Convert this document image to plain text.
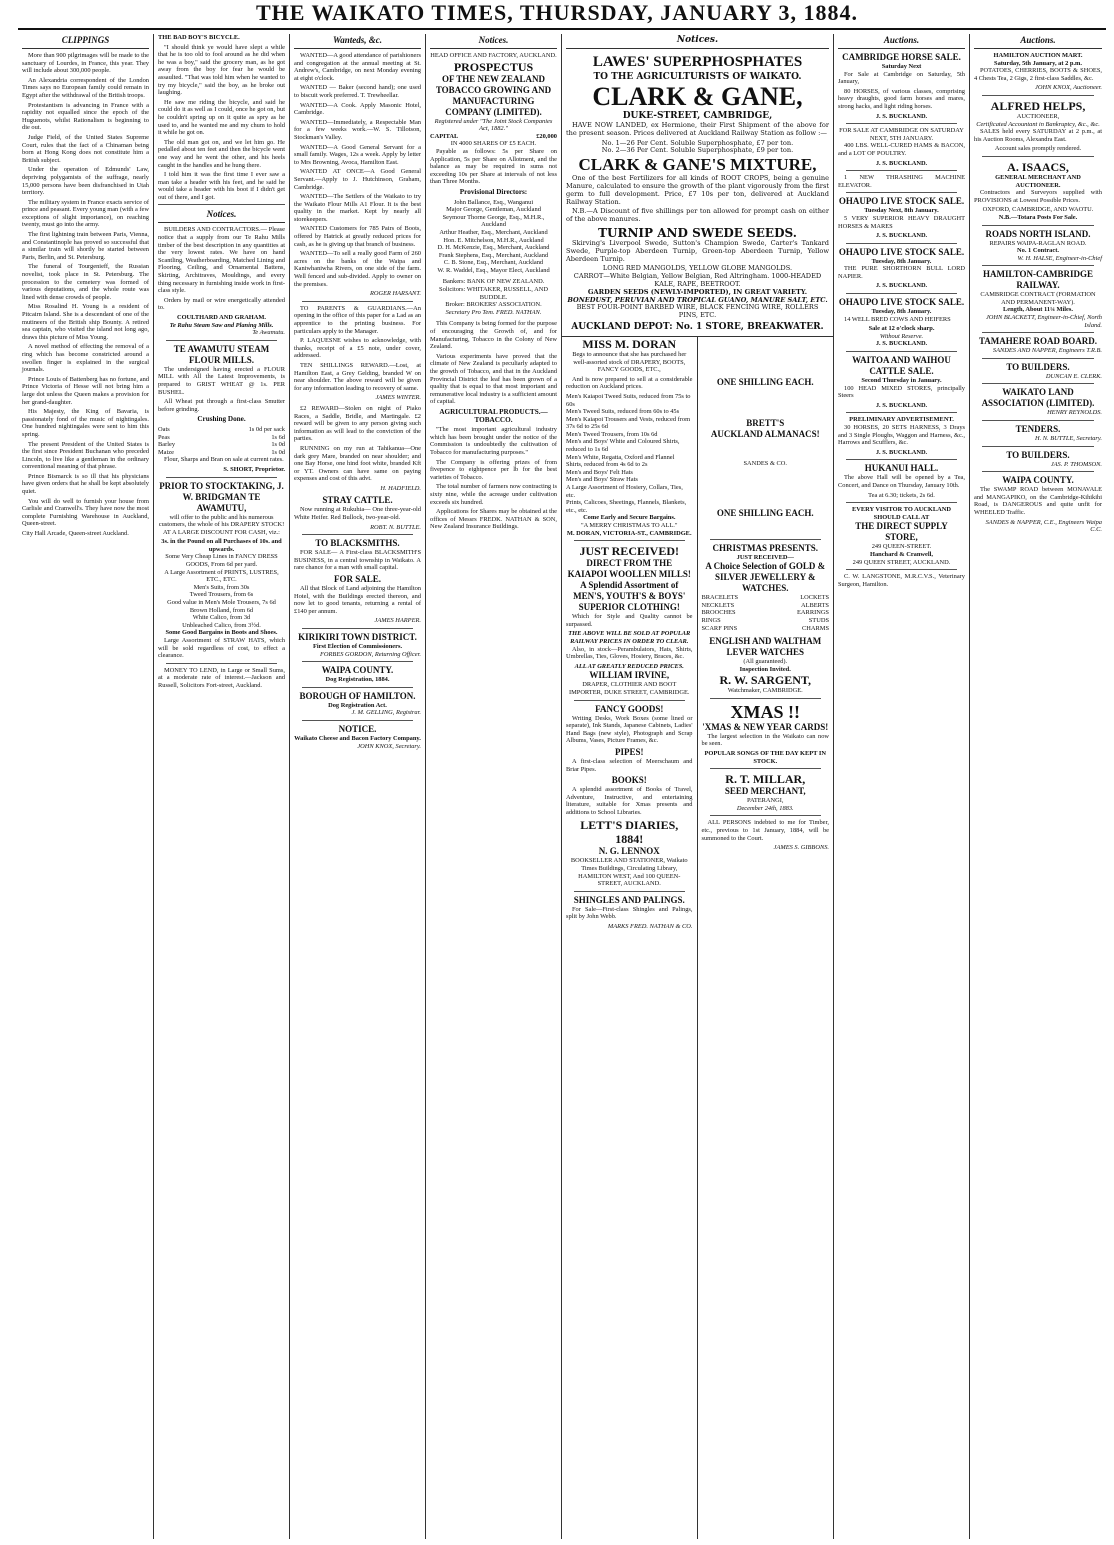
THE WAIKATO TIMES, THURSDAY, JANUARY 3, 1884.
CLIPPINGS

More than 900 pilgrimages will be made to the sanctuary of Lourdes, in France, this year. They will include about 300,000 people.

An Alexandria correspondent of the London Times says no European family could remain in Egypt after the withdrawal of the British troops.

Protestantism is advancing in France with a rapidity not equalled since the epoch of the Huguenots, whilst Rationalism is beginning to die out.

Judge Field, of the United States Supreme Court, rules that the fact of a Chinaman being born at Hong Kong does not constitute him a British subject.

Under the operation of Edmunds' Law, depriving polygamists of the suffrage, nearly 15,000 persons have been disfranchised in Utah territory.

The military system in France exacts service of prince and peasant. Every young man (with a few exceptions of slight importance), on reaching twenty, must go into the army.

The first lightning train between Paris, Vienna, and Constantinople has proved so successful that a similar train will shortly be started between Paris, Berlin, and St. Petersburg.

The funeral of Tourgenieff, the Russian novelist, took place in St. Petersburg. The procession to the cemetery was formed of various deputations, and the whole route was lined with dense crowds of people.

Miss Rosalind H. Young is a resident of Pitcairn Island. She is a descendant of one of the mutineers of the British ship Bounty. A retired sea captain, who visited the island not long ago, draws this picture of Miss Young.

A novel method of effecting the removal of a ring which has become constricted around a swollen finger is explained in the surgical journals.

Prince Louis of Battenberg has no fortune, and Prince Victoria of Hesse will not bring him a large dot unless the Queen makes a provision for her grand-daughter.

His Majesty, the King of Bavaria, is passionately fond of the music of nightingales. One hundred nightingales were sent to him this spring.

The present President of the United States is the first since President Buchanan who preceded Lincoln, to live like a gentleman in the ordinary conventional meaning of that phrase.

Prince Bismarck is so ill that his physicians have given orders that he shall be kept absolutely quiet.

You will do well to furnish your house from Carlisle and Cranwell's. They have now the most complete Furnishing Warehouse in Auckland, Queen-street.

City Hall Arcade, Queen-street Auckland.

THE BAD BOY'S BICYCLE.

"I should think ye would have slept a while that he is too old to fool around as he did when he was a boy," said the grocery man, as he got away from the boy for fear he would be assaulted. "That was told him when he wanted to try my bicycle," said the boy, as he broke out laughing.

He saw me riding the bicycle, and said he could do it as well as I could, once he got on, but he couldn't spring up on it quite as spry as he used to, and he wanted me and my chum to hold it while he got on.

The old man got on, and we let him go. He pedalled about ten feet and then the bicycle went one way and he went the other, and his heels caught in the handles and he hung there.

I told him it was the first time I ever saw a man take a header with his feet, and he said he would take a header with his boot if I didn't get out of there, and I got.

Notices.

BUILDERS AND CONTRACTORS.— Please notice that a supply from our Te Rahu Mills timber of the best description in any quantities at the very lowest rates. We have on hand Scantling, Weatherboarding, Matched Lining and Flooring, Ceiling, and Ornamental Battens, Skirting, Architraves, Mouldings, and every thing necessary in furnishing inside work in first-class style.

Orders by mail or wire energetically attended to.

COULTHARD AND GRAHAM.
Te Rahu Steam Saw and Planing Mills.
Te Awamutu.
TE AWAMUTU STEAM FLOUR MILLS.

The undersigned having erected a FLOUR MILL with All the Latest Improvements, is prepared to GRIST WHEAT @ 1s. PER BUSHEL.

All Wheat put through a first-class Smutter before grinding.

Crushing Done.
Oats	1s 0d per sack
Peas	1s 6d
Barley	1s 0d
Maize	1s 0d

Flour, Sharps and Bran on sale at current rates.

S. SHORT, Proprietor.
PRIOR TO STOCKTAKING, J. W. BRIDGMAN TE AWAMUTU,

will offer to the public and his numerous customers, the whole of his DRAPERY STOCK! AT A LARGE DISCOUNT FOR CASH, viz.:

3s. in the Pound on all Purchases of 10s. and upwards.
Some Very Cheap Lines in FANCY DRESS GOODS, From 6d per yard.
A Large Assortment of PRINTS, LUSTRES, ETC., ETC.
Men's Suits, from 30s
Tweed Trousers, from 6s
Good value in Men's Mole Trousers, 7s 6d
Brown Holland, from 6d
White Calico, from 3d
Unbleached Calico, from 3½d.
Some Good Bargains in Boots and Shoes.

Large Assortment of STRAW HATS, which will be sold regardless of cost, to effect a clearance.

MONEY TO LEND, in Large or Small Sums, at a moderate rate of interest.—Jackson and Russell, Solicitors Fort-street, Auckland.

Wanteds, &c.

WANTED—A good attendance of parishioners and congregation at the annual meeting at St. Andrew's, Cambridge, on next Monday evening at eight o'clock.

WANTED — Baker (second hand); one used to biscuit work preferred. T. Trewheellar.

WANTED—A Cook. Apply Masonic Hotel, Cambridge.

WANTED—Immediately, a Respectable Man for a few weeks work.—W. S. Tillotson, Stockman's Valley.

WANTED—A Good General Servant for a small family. Wages, 12s a week. Apply by letter to Mrs Browning, Avoca, Hamilton East.

WANTED AT ONCE—A Good General Servant.—Apply to J. Hutchinson, Graham, Cambridge.

WANTED—The Settlers of the Waikato to try the Waikato Flour Mills A1 Flour. It is the best quality in the market. Kept by nearly all storekeepers.

WANTED Customers for 785 Pairs of Boots, offered by Hatrick at greatly reduced prices for cash, as he is giving up that branch of business.

WANTED—To sell a really good Farm of 260 acres on the banks of the Waipa and Kaniwhaniwha Rivers, on one side of the farm. Well fenced and sub-divided. Apply to owner on the premises.

ROGER HARSANT.

TO PARENTS & GUARDIANS.—An opening in the office of this paper for a Lad as an apprentice to the printing business. For particulars apply to the Manager.

P. LAQUESNE wishes to acknowledge, with thanks, receipt of a £5 note, under cover, addressed.

TEN SHILLINGS REWARD.—Lost, at Hamilton East, a Grey Gelding, branded W on near shoulder. The above reward will be given for any information leading to recovery of same.

JAMES WINTER.

£2 REWARD—Stolen on night of Piako Races, a Saddle, Bridle, and Martingale. £2 reward will be given to any person giving such information as will lead to the conviction of the parties.

RUNNING on my run at Tahikanua—One dark grey Mare, branded on near shoulder; and one Bay Horse, one hind foot white, branded Kft or YT. Owners can have same on paying expenses and cost of this advt.

H. HADFIELD.
STRAY CATTLE.

Now running at Rukuhia— One three-year-old White Heifer. Red Bullock, two-year-old.

ROBT. N. BUTTLE.
TO BLACKSMITHS.

FOR SALE— A First-class BLACKSMITH'S BUSINESS, in a central township in Waikato. A rare chance for a man with small capital.

FOR SALE.

All that Block of Land adjoining the Hamilton Hotel, with the Buildings erected thereon, and now let to good tenants, returning a rental of £140 per annum.

JAMES HARPER.
KIRIKIRI TOWN DISTRICT.
First Election of Commissioners.
FORBES GORDON, Returning Officer.
WAIPA COUNTY.
Dog Registration, 1884.
BOROUGH OF HAMILTON.
Dog Registration Act.
J. M. GELLING, Registrar.
NOTICE.
Waikato Cheese and Bacon Factory Company.
JOHN KNOX, Secretary.
Notices.
HEAD OFFICE AND FACTORY, AUCKLAND.
PROSPECTUS
OF THE NEW ZEALAND TOBACCO GROWING AND MANUFACTURING COMPANY (LIMITED).
Registered under "The Joint Stock Companies Act, 1882."
CAPITAL	£20,000
IN 4000 SHARES OF £5 EACH.

Payable as follows: 5s per Share on Application, 5s per Share on Allotment, and the balance as may be required in sums not exceeding 10s per Share at intervals of not less than Three Months.

Provisional Directors:
John Ballance, Esq., Wanganui
Major George, Gentleman, Auckland
Seymour Thorne George, Esq., M.H.R., Auckland
Arthur Heather, Esq., Merchant, Auckland
Hon. E. Mitchelson, M.H.R., Auckland
D. H. McKenzie, Esq., Merchant, Auckland
Frank Stephens, Esq., Merchant, Auckland
C. B. Stone, Esq., Merchant, Auckland
W. R. Waddel, Esq., Mayor Elect, Auckland
Bankers: BANK OF NEW ZEALAND.
Solicitors: WHITAKER, RUSSELL, AND BUDDLE.
Broker: BROKERS' ASSOCIATION.
Secretary Pro Tem. FRED. NATHAN.

This Company is being formed for the purpose of encouraging the Growth of, and for Manufacturing, Tobacco in the Colony of New Zealand.

Various experiments have proved that the climate of New Zealand is peculiarly adapted to the growth of Tobacco, and that in the Auckland Provincial District the leaf has been grown of a quality that is equal to that most important and remunerative local industry is a sufficient amount of capital.

AGRICULTURAL PRODUCTS.— TOBACCO.

"The most important agricultural industry which has been brought under the notice of the Commission is undoubtedly the cultivation of Tobacco for manufacturing purposes."

The Company is offering prizes of from fivepence to eightpence per lb for the best varieties of Tobacco.

The total number of farmers now contracting is sixty nine, while the acreage under cultivation exceeds six hundred.

Applications for Shares may be obtained at the offices of Messrs FREDK. NATHAN & SON, New Zealand Insurance Buildings.

Notices.
LAWES' SUPERPHOSPHATES
TO THE AGRICULTURISTS OF WAIKATO.
CLARK & GANE,
DUKE-STREET, CAMBRIDGE,

HAVE NOW LANDED, ex Hermione, their First Shipment of the above for the present season. Prices delivered at Auckland Railway Station as follow :—

No. 1—26 Per Cent. Soluble Superphosphate, £7 per ton.
No. 2—36 Per Cent. Soluble Superphosphate, £9 per ton.
CLARK & GANE'S MIXTURE,

One of the best Fertilizers for all kinds of ROOT CROPS, being a genuine Manure, calculated to ensure the growth of the plant vigorously from the first germ to full development. Price, £7 10s per ton, delivered at Auckland Railway Station.

N.B.—A Discount of five shillings per ton allowed for prompt cash on either of the above manures.

TURNIP AND SWEDE SEEDS.

Skirving's Liverpool Swede, Sutton's Champion Swede, Carter's Tankard Swede, Purple-top Aberdeen Turnip, Green-top Aberdeen Turnip, Yellow Aberdeen Turnip.

LONG RED MANGOLDS, YELLOW GLOBE MANGOLDS.
CARROT—White Belgian, Yellow Belgian, Red Altringham. 1000-HEADED KALE, RAPE, BEETROOT.
GARDEN SEEDS (NEWLY-IMPORTED), IN GREAT VARIETY.
BONEDUST, PERUVIAN AND TROPICAL GUANO, MANURE SALT, ETC.
BEST FOUR-POINT BARBED WIRE, BLACK FENCING WIRE, ROLLERS PINS, ETC.
AUCKLAND DEPOT: No. 1 STORE, BREAKWATER.
MISS M. DORAN

Begs to announce that she has purchased her well-assorted stock of DRAPERY, BOOTS, FANCY GOODS, ETC.,

And is now prepared to sell at a considerable reduction on Auckland prices.

Men's Kaiapoi Tweed Suits, reduced from 75s to 60s
Men's Tweed Suits, reduced from 60s to 45s
Men's Kaiapoi Trousers and Vests, reduced from 37s 6d to 25s 6d
Men's Tweed Trousers, from 10s 6d
Men's and Boys' White and Coloured Shirts, reduced to 1s 6d
Men's White, Regatta, Oxford and Flannel Shirts, reduced from 4s 6d to 2s
Men's and Boys' Felt Hats
Men's and Boys' Straw Hats
A Large Assortment of Hosiery, Collars, Ties, etc.
Prints, Calicoes, Sheetings, Flannels, Blankets, etc., etc.
Come Early and Secure Bargains.
"A MERRY CHRISTMAS TO ALL."
M. DORAN, VICTORIA-ST., CAMBRIDGE.
JUST RECEIVED!
DIRECT FROM THE KAIAPOI WOOLLEN MILLS!
A Splendid Assortment of MEN'S, YOUTH'S & BOYS' SUPERIOR CLOTHING!

Which for Style and Quality cannot be surpassed.

THE ABOVE WILL BE SOLD AT POPULAR RAILWAY PRICES IN ORDER TO CLEAR.

Also, in stock—Perambulators, Hats, Shirts, Umbrellas, Ties, Gloves, Hosiery, Braces, &c.

ALL AT GREATLY REDUCED PRICES.
WILLIAM IRVINE,
DRAPER, CLOTHIER AND BOOT IMPORTER, DUKE STREET, CAMBRIDGE.
FANCY GOODS!

Writing Desks, Work Boxes (some lined or separate), Ink Stands, Japanese Cabinets, Ladies' Hand Bags (new style), Photograph and Scrap Albums, Vases, Picture Frames, &c.

PIPES!

A first-class selection of Meerschaum and Briar Pipes.

BOOKS!

A splendid assortment of Books of Travel, Adventure, Instructive, and entertaining literature, suitable for Xmas presents and additions to School Libraries.

LETT'S DIARIES, 1884!
N. G. LENNOX
BOOKSELLER AND STATIONER, Waikato Times Buildings, Circulating Library, HAMILTON WEST, And 100 QUEEN-STREET, AUCKLAND.
SHINGLES AND PALINGS.

For Sale—First-class Shingles and Palings, split by John Webb.

MARKS FRED. NATHAN & CO.
ONE SHILLING EACH.
BRETT'S
AUCKLAND ALMANACS!
SANDES & CO.
ONE SHILLING EACH.
CHRISTMAS PRESENTS.
JUST RECEIVED—
A Choice Selection of GOLD & SILVER JEWELLERY & WATCHES.
BRACELETS	LOCKETS
NECKLETS	ALBERTS
BROOCHES	EARRINGS
RINGS	STUDS
SCARF PINS	CHARMS
ENGLISH AND WALTHAM LEVER WATCHES
(All guaranteed).
Inspection Invited.
R. W. SARGENT,
Watchmaker, CAMBRIDGE.
XMAS !!
'XMAS & NEW YEAR CARDS!

The largest selection in the Waikato can now be seen.

POPULAR SONGS OF THE DAY KEPT IN STOCK.
R. T. MILLAR,
SEED MERCHANT,
PATERANGI,
December 24th, 1883.

ALL PERSONS indebted to me for Timber, etc., previous to 1st January, 1884, will be summoned to the Court.

JAMES S. GIBBONS.
Auctions.
CAMBRIDGE HORSE SALE.
Saturday Next

For Sale at Cambridge on Saturday, 5th January,

80 HORSES, of various classes, comprising heavy draughts, good farm horses and mares, strong hacks, and light riding horses.

J. S. BUCKLAND.
FOR SALE AT CAMBRIDGE ON SATURDAY NEXT, 5TH JANUARY.

400 LBS. WELL-CURED HAMS & BACON, and a LOT OF POULTRY.

J. S. BUCKLAND.

1 NEW THRASHING MACHINE ELEVATOR.

OHAUPO LIVE STOCK SALE.
Tuesday Next, 8th January.

5 VERY SUPERIOR HEAVY DRAUGHT HORSES & MARES

J. S. BUCKLAND.
OHAUPO LIVE STOCK SALE.
Tuesday, 8th January.

THE PURE SHORTHORN BULL LORD NAPIER.

J. S. BUCKLAND.
OHAUPO LIVE STOCK SALE.
Tuesday, 8th January.

14 WELL BRED COWS AND HEIFERS

Sale at 12 o'clock sharp.
Without Reserve.
J. S. BUCKLAND.
WAITOA AND WAIHOU CATTLE SALE.
Second Thursday in January.

100 HEAD MIXED STORES, principally Steers

J. S. BUCKLAND.
PRELIMINARY ADVERTISEMENT.

30 HORSES, 20 SETS HARNESS, 3 Drays and 3 Single Ploughs, Waggon and Harness, &c., Harrows and Scufflers, &c.

J. S. BUCKLAND.
HUKANUI HALL.

The above Hall will be opened by a Tea, Concert, and Dance on Thursday, January 10th.

Tea at 6.30; tickets, 2s 6d.
EVERY VISITOR TO AUCKLAND SHOULD CALL AT
THE DIRECT SUPPLY STORE,
249 QUEEN-STREET.
Hanchard & Cranwell,
249 QUEEN STREET, AUCKLAND.

C. W. LANGSTONE, M.R.C.V.S., Veterinary Surgeon, Hamilton.

Auctions.
HAMILTON AUCTION MART.
Saturday, 5th January, at 2 p.m.

POTATOES, CHERRIES, BOOTS & SHOES, 4 Chests Tea, 2 Gigs, 2 first-class Saddles, &c.

JOHN KNOX, Auctioneer.
ALFRED HELPS,
AUCTIONEER,
Certificated Accountant in Bankruptcy, &c., &c.

SALES held every SATURDAY at 2 p.m., at his Auction Rooms, Alexandra East.

Account sales promptly rendered.
A. ISAACS,
GENERAL MERCHANT AND AUCTIONEER.

Contractors and Surveyors supplied with PROVISIONS at Lowest Possible Prices.

OXFORD, CAMBRIDGE, AND WAOTU.
N.B.—Totara Posts For Sale.
ROADS NORTH ISLAND.
REPAIRS WAIPA-RAGLAN ROAD.
No. 1 Contract.
W. H. HALSE, Engineer-in-Chief
HAMILTON-CAMBRIDGE RAILWAY.
CAMBRIDGE CONTRACT (FORMATION AND PERMANENT-WAY).
Length, About 11¼ Miles.
JOHN BLACKETT, Engineer-in-Chief, North Island.
TAMAHERE ROAD BOARD.
SANDES AND NAPPER, Engineers T.R.B.
TO BUILDERS.
DUNCAN E. CLERK.
WAIKATO LAND ASSOCIATION (LIMITED).
HENRY REYNOLDS.
TENDERS.
H. N. BUTTLE, Secretary.
TO BUILDERS.
JAS. P. THOMSON.
WAIPA COUNTY.

The SWAMP ROAD between MONAVALE and MANGAPIKO, on the Cambridge-Kihikihi Road, is DANGEROUS and quite unfit for WHEELED Traffic.

SANDES & NAPPER, C.E., Engineers Waipa C.C.
